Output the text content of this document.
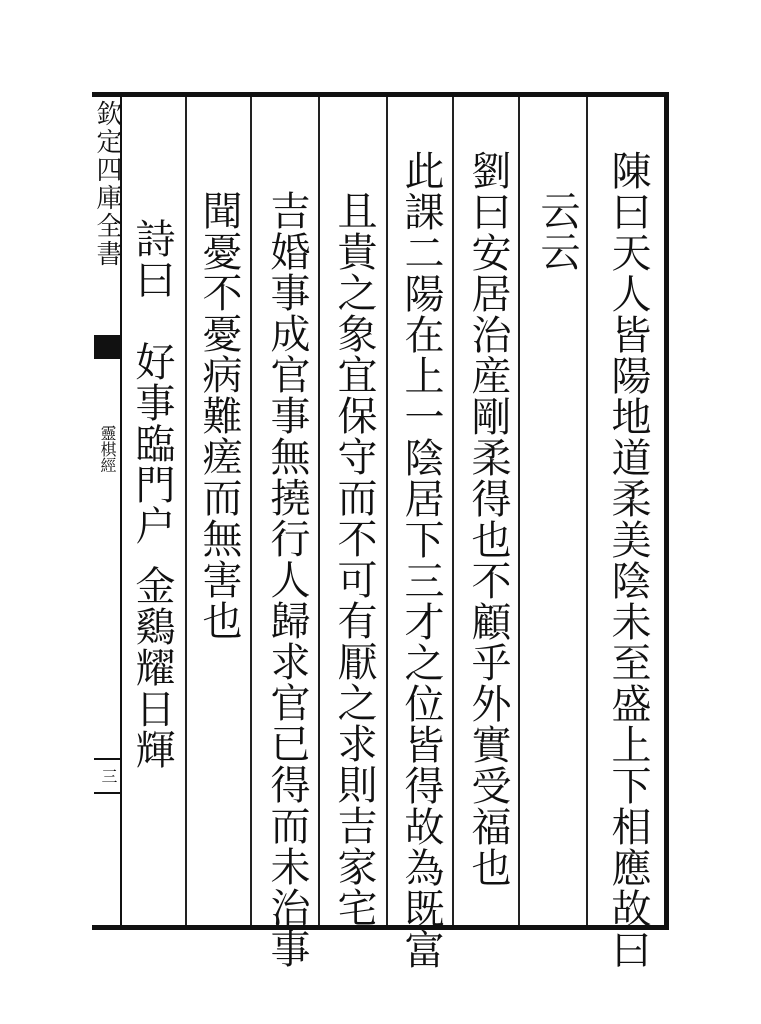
欽定四庫全書
靈棋經
三	陳曰天人皆陽地道柔美陰未至盛上下相應故曰
云云
劉曰安居治産剛柔得也不顧乎外實受福也
此課二陽在上一陰居下三才之位皆得故為既富
且貴之象宜保守而不可有厭之求則吉家宅
吉婚事成官事無撓行人歸求官已得而未治事
聞憂不憂病難瘥而無害也
詩曰　好事臨門户
金鷄耀日輝
